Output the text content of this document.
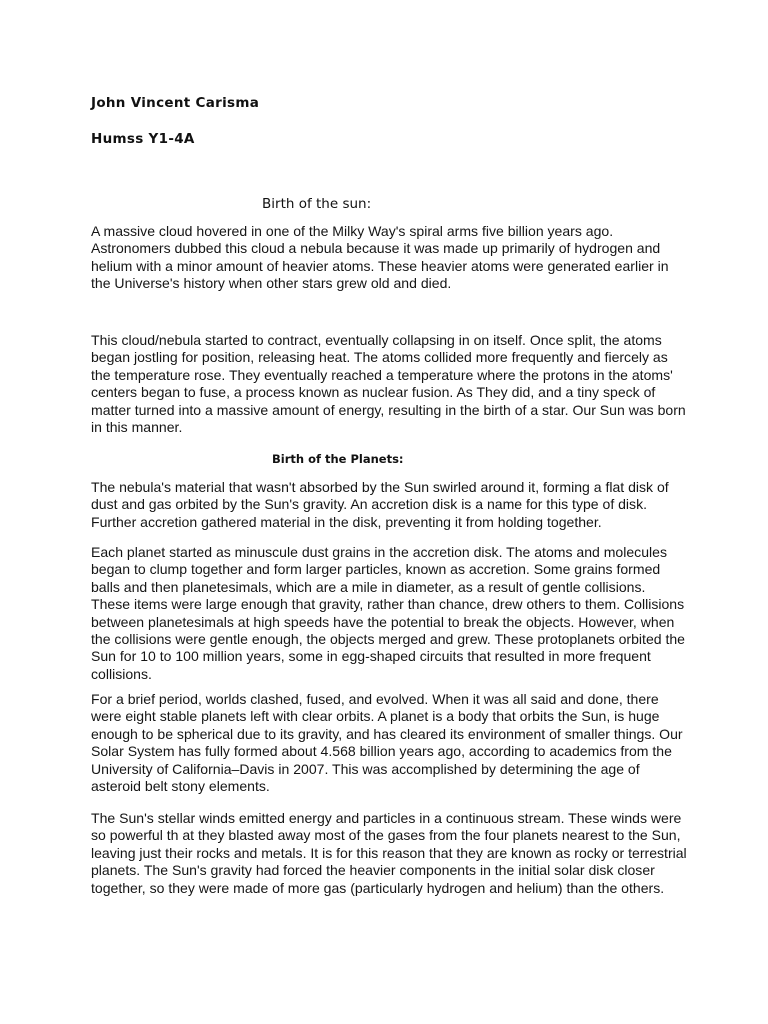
John Vincent Carisma

Humss Y1-4A

Birth of the sun:

A massive cloud hovered in one of the Milky Way's spiral arms five billion years ago.
Astronomers dubbed this cloud a nebula because it was made up primarily of hydrogen and
helium with a minor amount of heavier atoms. These heavier atoms were generated earlier in
the Universe's history when other stars grew old and died.

This cloud/nebula started to contract, eventually collapsing in on itself. Once split, the atoms
began jostling for position, releasing heat. The atoms collided more frequently and fiercely as
the temperature rose. They eventually reached a temperature where the protons in the atoms'
centers began to fuse, a process known as nuclear fusion. As They did, and a tiny speck of
matter turned into a massive amount of energy, resulting in the birth of a star. Our Sun was born
in this manner.

Birth of the Planets:

The nebula's material that wasn't absorbed by the Sun swirled around it, forming a flat disk of
dust and gas orbited by the Sun's gravity. An accretion disk is a name for this type of disk.
Further accretion gathered material in the disk, preventing it from holding together.

Each planet started as minuscule dust grains in the accretion disk. The atoms and molecules
began to clump together and form larger particles, known as accretion. Some grains formed
balls and then planetesimals, which are a mile in diameter, as a result of gentle collisions.
These items were large enough that gravity, rather than chance, drew others to them. Collisions
between planetesimals at high speeds have the potential to break the objects. However, when
the collisions were gentle enough, the objects merged and grew. These protoplanets orbited the
Sun for 10 to 100 million years, some in egg-shaped circuits that resulted in more frequent
collisions.

For a brief period, worlds clashed, fused, and evolved. When it was all said and done, there
were eight stable planets left with clear orbits. A planet is a body that orbits the Sun, is huge
enough to be spherical due to its gravity, and has cleared its environment of smaller things. Our
Solar System has fully formed about 4.568 billion years ago, according to academics from the
University of California–Davis in 2007. This was accomplished by determining the age of
asteroid belt stony elements.

The Sun's stellar winds emitted energy and particles in a continuous stream. These winds were
so powerful th at they blasted away most of the gases from the four planets nearest to the Sun,
leaving just their rocks and metals. It is for this reason that they are known as rocky or terrestrial
planets. The Sun's gravity had forced the heavier components in the initial solar disk closer
together, so they were made of more gas (particularly hydrogen and helium) than the others.
